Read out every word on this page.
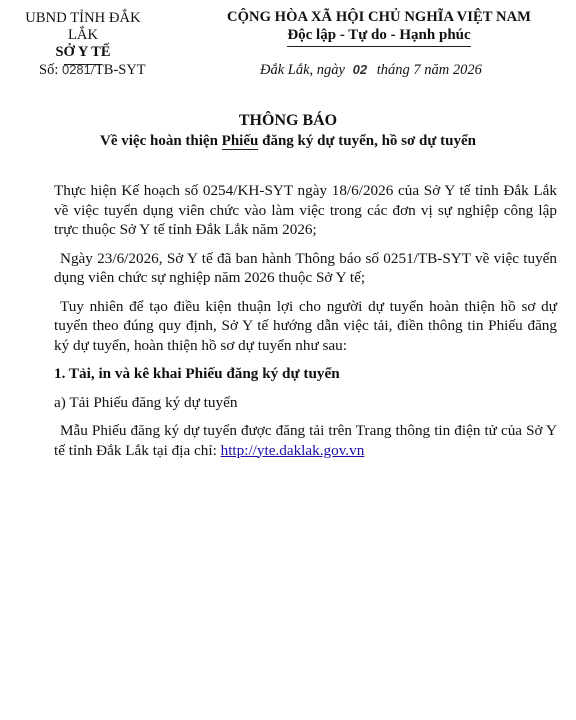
UBND TỈNH ĐẮK LẮK
SỞ Y TẾ
CỘNG HÒA XÃ HỘI CHỦ NGHĨA VIỆT NAM
Độc lập - Tự do - Hạnh phúc
Số: 0281/TB-SYT	Đắk Lắk, ngày 02 tháng 7 năm 2026
THÔNG BÁO
Về việc hoàn thiện Phiếu đăng ký dự tuyển, hồ sơ dự tuyển

Thực hiện Kế hoạch số 0254/KH-SYT ngày 18/6/2026 của Sở Y tế tỉnh Đắk Lắk về việc tuyển dụng viên chức vào làm việc trong các đơn vị sự nghiệp công lập trực thuộc Sở Y tế tỉnh Đắk Lắk năm 2026;

Ngày 23/6/2026, Sở Y tế đã ban hành Thông báo số 0251/TB-SYT về việc tuyển dụng viên chức sự nghiệp năm 2026 thuộc Sở Y tế;

Tuy nhiên để tạo điều kiện thuận lợi cho người dự tuyển hoàn thiện hồ sơ dự tuyển theo đúng quy định, Sở Y tế hướng dẫn việc tải, điền thông tin Phiếu đăng ký dự tuyển, hoàn thiện hồ sơ dự tuyển như sau:

1. Tải, in và kê khai Phiếu đăng ký dự tuyển

a) Tải Phiếu đăng ký dự tuyển

Mẫu Phiếu đăng ký dự tuyển được đăng tải trên Trang thông tin điện tử của Sở Y tế tỉnh Đắk Lắk tại địa chỉ: http://yte.daklak.gov.vn
